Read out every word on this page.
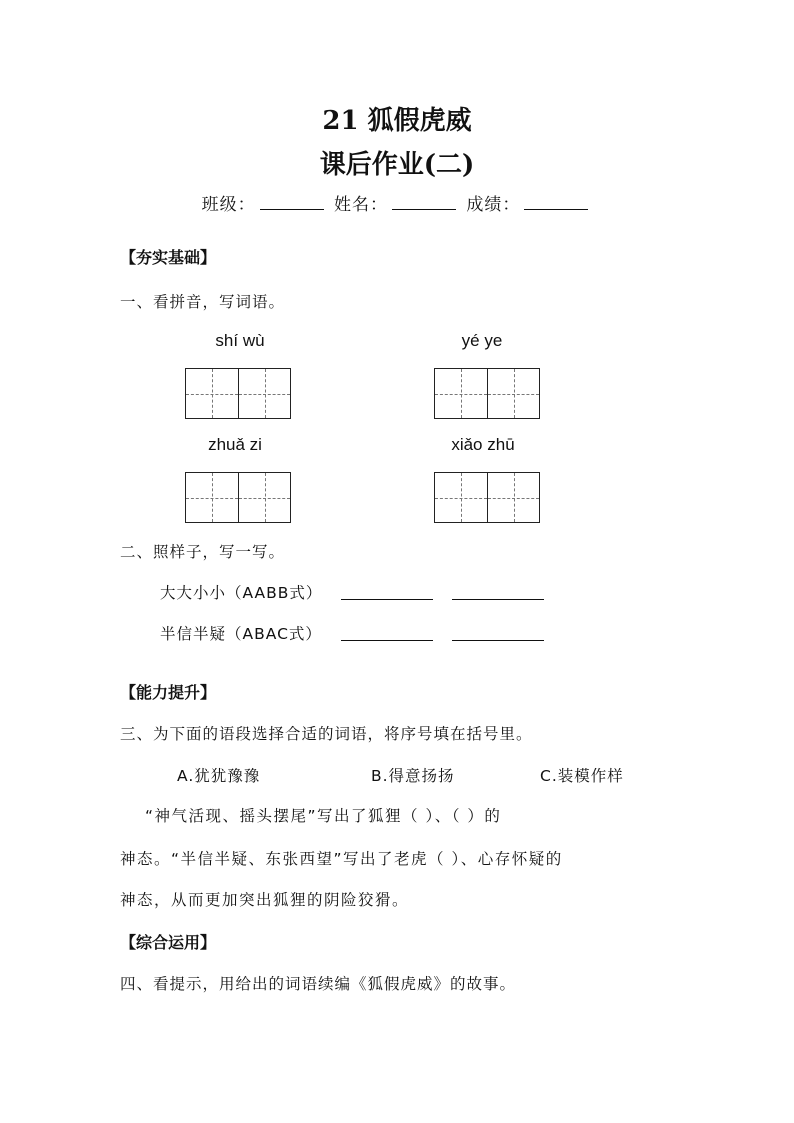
21 狐假虎威
课后作业(二)
班级：	姓名：	成绩：
【夯实基础】
一、看拼音，写词语。
shí wù	yé ye
zhuǎ zi	xiǎo zhū
二、照样子，写一写。
大大小小（AABB式）
半信半疑（ABAC式）
【能力提升】
三、为下面的语段选择合适的词语，将序号填在括号里。
A.犹犹豫豫	B.得意扬扬	C.装模作样
“神气活现、摇头摆尾”写出了狐狸（ ）、（ ）的
神态。“半信半疑、东张西望”写出了老虎（ ）、心存怀疑的
神态，从而更加突出狐狸的阴险狡猾。
【综合运用】
四、看提示，用给出的词语续编《狐假虎威》的故事。
